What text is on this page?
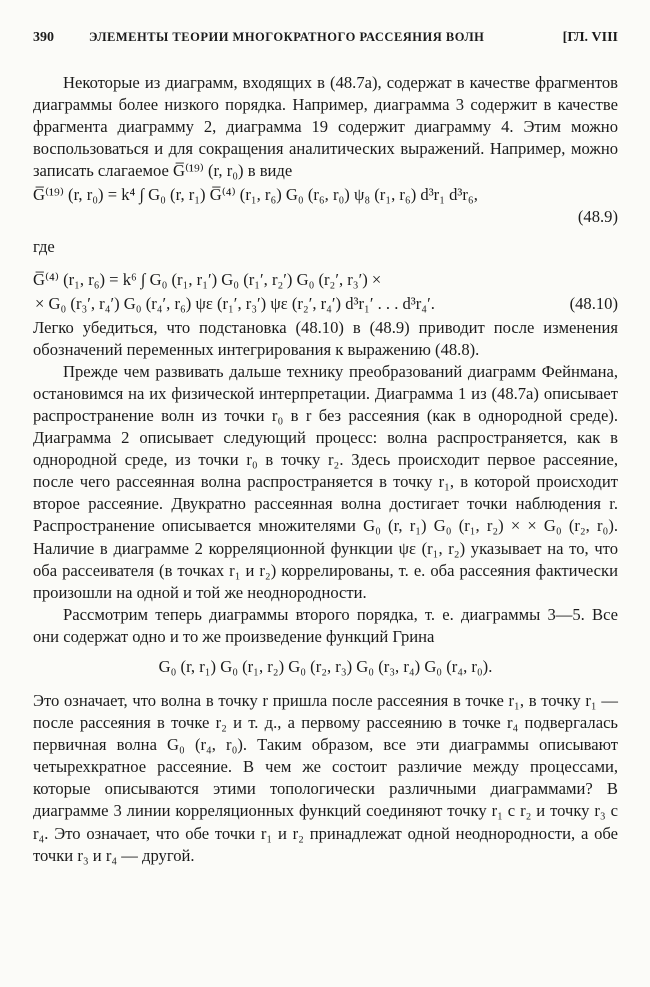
390	ЭЛЕМЕНТЫ ТЕОРИИ МНОГОКРАТНОГО РАССЕЯНИЯ ВОЛН	[ГЛ. VIII

Некоторые из диаграмм, входящих в (48.7а), содержат в качестве фрагментов диаграммы более низкого порядка. Например, диаграмма 3 содержит в качестве фрагмента диаграмму 2, диаграмма 19 содержит диаграмму 4. Этим можно воспользоваться и для сокращения аналитических выражений. Например, можно записать слагаемое G̅⁽¹⁹⁾ (r, r₀) в виде

G̅⁽¹⁹⁾ (r, r₀) = k⁴ ∫ G₀ (r, r₁) G̅⁽⁴⁾ (r₁, r₆) G₀ (r₆, r₀) ψ₈ (r₁, r₆) d³r₁ d³r₆,
(48.9)

где

G̅⁽⁴⁾ (r₁, r₆) = k⁶ ∫ G₀ (r₁, r₁′) G₀ (r₁′, r₂′) G₀ (r₂′, r₃′) ×
× G₀ (r₃′, r₄′) G₀ (r₄′, r₆) ψε (r₁′, r₃′) ψε (r₂′, r₄′) d³r₁′ . . . d³r₄′.	(48.10)

Легко убедиться, что подстановка (48.10) в (48.9) приводит после изменения обозначений переменных интегрирования к выражению (48.8).

Прежде чем развивать дальше технику преобразований диаграмм Фейнмана, остановимся на их физической интерпретации. Диаграмма 1 из (48.7а) описывает распространение волн из точки r₀ в r без рассеяния (как в однородной среде). Диаграмма 2 описывает следующий процесс: волна распространяется, как в однородной среде, из точки r₀ в точку r₂. Здесь происходит первое рассеяние, после чего рассеянная волна распространяется в точку r₁, в которой происходит второе рассеяние. Двукратно рассеянная волна достигает точки наблюдения r. Распространение описывается множителями G₀ (r, r₁) G₀ (r₁, r₂) × × G₀ (r₂, r₀). Наличие в диаграмме 2 корреляционной функции ψε (r₁, r₂) указывает на то, что оба рассеивателя (в точках r₁ и r₂) коррелированы, т. е. оба рассеяния фактически произошли на одной и той же неоднородности.

Рассмотрим теперь диаграммы второго порядка, т. е. диаграммы 3—5. Все они содержат одно и то же произведение функций Грина

G₀ (r, r₁) G₀ (r₁, r₂) G₀ (r₂, r₃) G₀ (r₃, r₄) G₀ (r₄, r₀).

Это означает, что волна в точку r пришла после рассеяния в точке r₁, в точку r₁ — после рассеяния в точке r₂ и т. д., а первому рассеянию в точке r₄ подвергалась первичная волна G₀ (r₄, r₀). Таким образом, все эти диаграммы описывают четырехкратное рассеяние. В чем же состоит различие между процессами, которые описываются этими топологически различными диаграммами? В диаграмме 3 линии корреляционных функций соединяют точку r₁ с r₂ и точку r₃ с r₄. Это означает, что обе точки r₁ и r₂ принадлежат одной неоднородности, а обе точки r₃ и r₄ — другой.
